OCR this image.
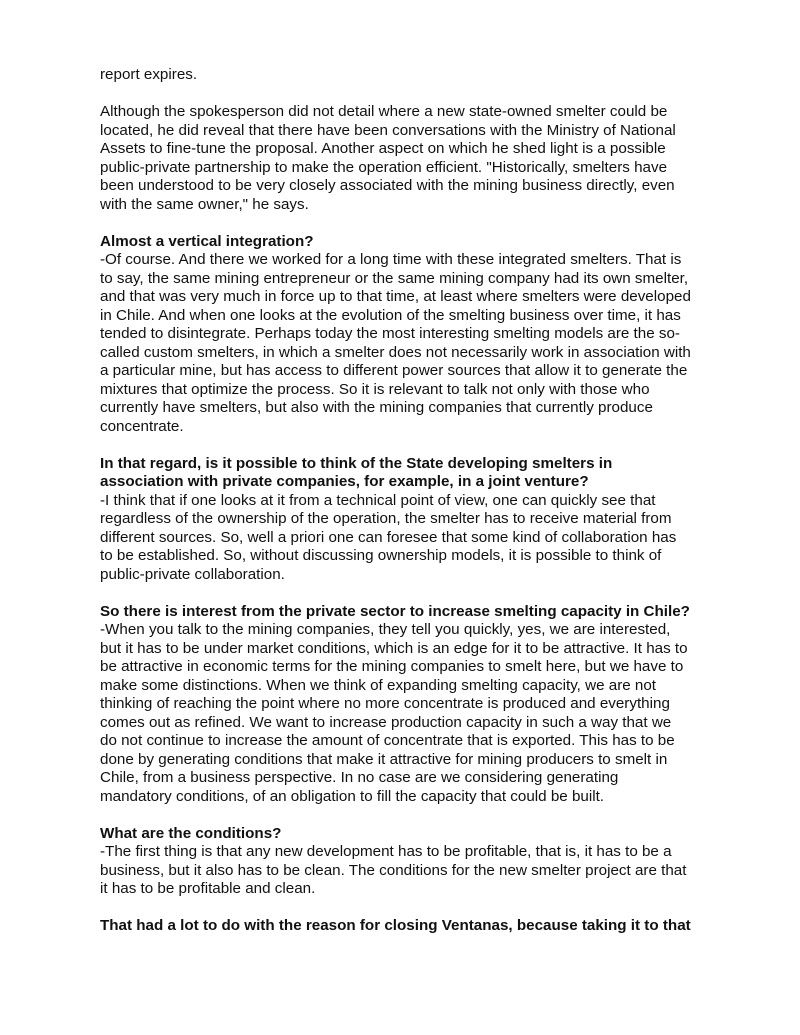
report expires.
Although the spokesperson did not detail where a new state-owned smelter could be
located, he did reveal that there have been conversations with the Ministry of National
Assets to fine-tune the proposal. Another aspect on which he shed light is a possible
public-private partnership to make the operation efficient. "Historically, smelters have
been understood to be very closely associated with the mining business directly, even
with the same owner," he says.
Almost a vertical integration?
-Of course. And there we worked for a long time with these integrated smelters. That is
to say, the same mining entrepreneur or the same mining company had its own smelter,
and that was very much in force up to that time, at least where smelters were developed
in Chile. And when one looks at the evolution of the smelting business over time, it has
tended to disintegrate. Perhaps today the most interesting smelting models are the so-
called custom smelters, in which a smelter does not necessarily work in association with
a particular mine, but has access to different power sources that allow it to generate the
mixtures that optimize the process. So it is relevant to talk not only with those who
currently have smelters, but also with the mining companies that currently produce
concentrate.
In that regard, is it possible to think of the State developing smelters in
association with private companies, for example, in a joint venture?
-I think that if one looks at it from a technical point of view, one can quickly see that
regardless of the ownership of the operation, the smelter has to receive material from
different sources. So, well a priori one can foresee that some kind of collaboration has
to be established. So, without discussing ownership models, it is possible to think of
public-private collaboration.
So there is interest from the private sector to increase smelting capacity in Chile?
-When you talk to the mining companies, they tell you quickly, yes, we are interested,
but it has to be under market conditions, which is an edge for it to be attractive. It has to
be attractive in economic terms for the mining companies to smelt here, but we have to
make some distinctions. When we think of expanding smelting capacity, we are not
thinking of reaching the point where no more concentrate is produced and everything
comes out as refined. We want to increase production capacity in such a way that we
do not continue to increase the amount of concentrate that is exported. This has to be
done by generating conditions that make it attractive for mining producers to smelt in
Chile, from a business perspective. In no case are we considering generating
mandatory conditions, of an obligation to fill the capacity that could be built.
What are the conditions?
-The first thing is that any new development has to be profitable, that is, it has to be a
business, but it also has to be clean. The conditions for the new smelter project are that
it has to be profitable and clean.
That had a lot to do with the reason for closing Ventanas, because taking it to that
